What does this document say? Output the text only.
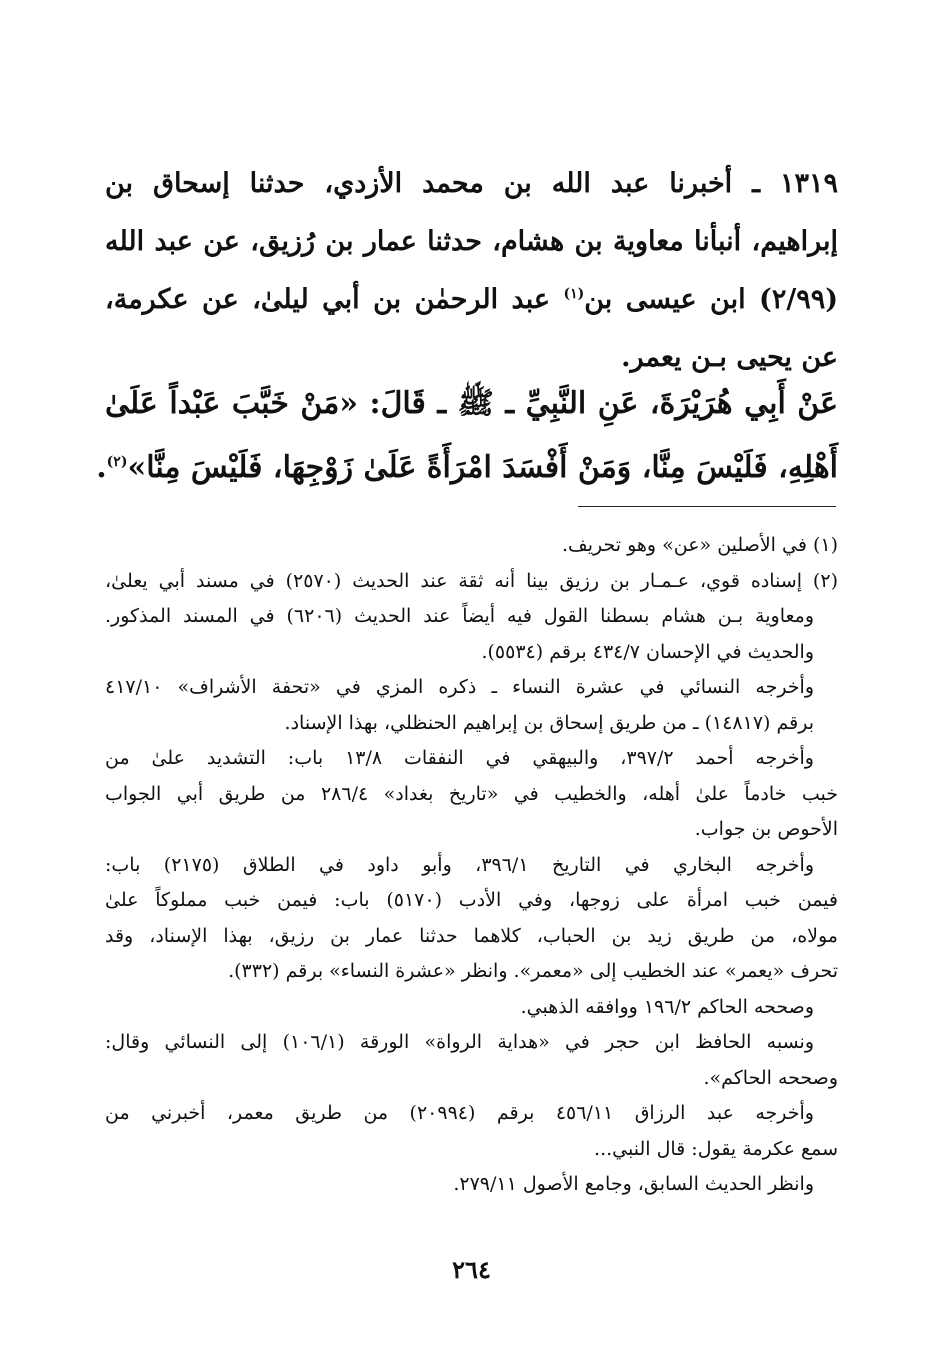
١٣١٩ ـ أخبرنا عبد الله بن محمد الأزدي، حدثنا إسحاق بن
إبراهيم، أنبأنا معاوية بن هشام، حدثنا عمار بن رُزيق، عن عبد الله
(٢/٩٩) ابن عيسى بن$^{(١)}$ عبد الرحمٰن بن أبي ليلىٰ، عن عكرمة،
عن يحيى بـن يعمر.
عَنْ أَبِي هُرَيْرَةَ، عَنِ النَّبِيِّ ـ ﷺ ـ قَالَ: «مَنْ خَبَّبَ عَبْداً عَلَىٰ
أَهْلِهِ، فَلَيْسَ مِنَّا، وَمَنْ أَفْسَدَ امْرَأَةً عَلَىٰ زَوْجِهَا، فَلَيْسَ مِنَّا»$^{(٢)}$.
(١) في الأصلين «عن» وهو تحريف.
(٢) إسناده قوي، عـمـار بن رزيق بينا أنه ثقة عند الحديث (٢٥٧٠) في مسند أبي يعلىٰ،
ومعاوية بـن هشام بسطنا القول فيه أيضاً عند الحديث (٦٢٠٦) في المسند المذكور.
والحديث في الإحسان ٤٣٤/٧ برقم (٥٥٣٤).
وأخرجه النسائي في عشرة النساء ـ ذكره المزي في «تحفة الأشراف» ٤١٧/١٠
برقم (١٤٨١٧) ـ من طريق إسحاق بن إبراهيم الحنظلي، بهذا الإسناد.
وأخرجه أحمد ٣٩٧/٢، والبيهقي في النفقات ١٣/٨ باب: التشديد علىٰ من
خبب خادماً علىٰ أهله، والخطيب في «تاريخ بغداد» ٢٨٦/٤ من طريق أبي الجواب
الأحوص بن جواب.
وأخرجه البخاري في التاريخ ٣٩٦/١، وأبو داود في الطلاق (٢١٧٥) باب:
فيمن خبب امرأة على زوجها، وفي الأدب (٥١٧٠) باب: فيمن خبب مملوكاً علىٰ
مولاه، من طريق زيد بن الحباب، كلاهما حدثنا عمار بن رزيق، بهذا الإسناد، وقد
تحرف «يعمر» عند الخطيب إلى «معمر». وانظر «عشرة النساء» برقم (٣٣٢).
وصححه الحاكم ١٩٦/٢ ووافقه الذهبي.
ونسبه الحافظ ابن حجر في «هداية الرواة» الورقة (١٠٦/١) إلى النسائي وقال:
وصححه الحاكم».
وأخرجه عبد الرزاق ٤٥٦/١١ برقم (٢٠٩٩٤) من طريق معمر، أخبرني من
سمع عكرمة يقول: قال النبي...
وانظر الحديث السابق، وجامع الأصول ٢٧٩/١١.
٢٦٤
